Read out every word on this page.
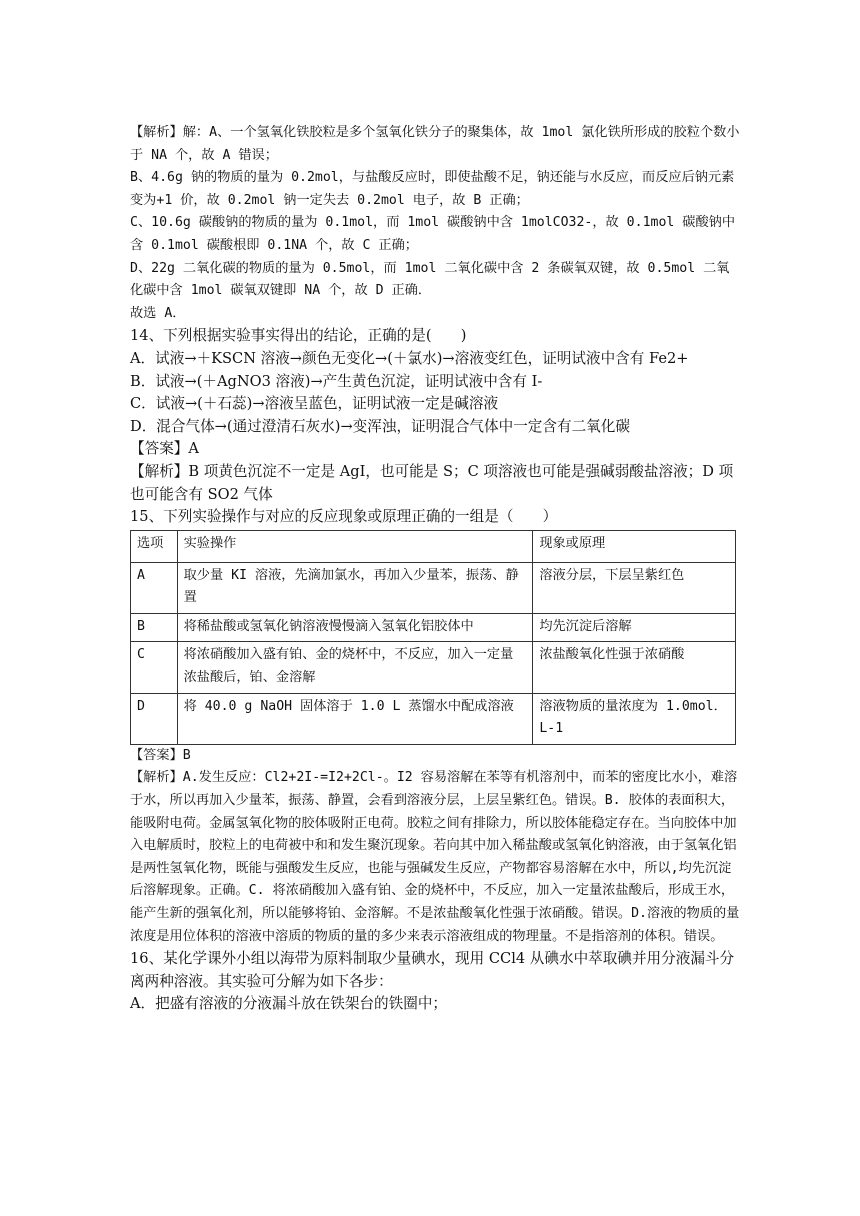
【解析】解：A、一个氢氧化铁胶粒是多个氢氧化铁分子的聚集体，故 1mol 氯化铁所形成的胶粒个数小于 NA 个，故 A 错误；

B、4.6g 钠的物质的量为 0.2mol，与盐酸反应时，即使盐酸不足，钠还能与水反应，而反应后钠元素变为+1 价，故 0.2mol 钠一定失去 0.2mol 电子，故 B 正确；

C、10.6g 碳酸钠的物质的量为 0.1mol，而 1mol 碳酸钠中含 1molCO32-，故 0.1mol 碳酸钠中含 0.1mol 碳酸根即 0.1NA 个，故 C 正确；

D、22g 二氧化碳的物质的量为 0.5mol，而 1mol 二氧化碳中含 2 条碳氧双键，故 0.5mol 二氧化碳中含 1mol 碳氧双键即 NA 个，故 D 正确．

故选 A．

14、下列根据实验事实得出的结论，正确的是(　　)

A．试液→＋KSCN 溶液→颜色无变化→(＋氯水)→溶液变红色，证明试液中含有 Fe2+

B．试液→(＋AgNO3 溶液)→产生黄色沉淀，证明试液中含有 I-

C．试液→(＋石蕊)→溶液呈蓝色，证明试液一定是碱溶液

D．混合气体→(通过澄清石灰水)→变浑浊，证明混合气体中一定含有二氧化碳

【答案】A

【解析】B 项黄色沉淀不一定是 AgI，也可能是 S；C 项溶液也可能是强碱弱酸盐溶液；D 项也可能含有 SO2 气体

15、下列实验操作与对应的反应现象或原理正确的一组是（　　）

选项	实验操作	现象或原理
A	取少量 KI 溶液，先滴加氯水，再加入少量苯，振荡、静置	溶液分层，下层呈紫红色
B	将稀盐酸或氢氧化钠溶液慢慢滴入氢氧化铝胶体中	均先沉淀后溶解
C	将浓硝酸加入盛有铂、金的烧杯中，不反应，加入一定量浓盐酸后，铂、金溶解	浓盐酸氧化性强于浓硝酸
D	将 40.0 g NaOH 固体溶于 1.0 L 蒸馏水中配成溶液	溶液物质的量浓度为 1.0mol．L-1

【答案】B

【解析】A.发生反应：Cl2+2I-=I2+2Cl-。I2 容易溶解在苯等有机溶剂中，而苯的密度比水小，难溶于水，所以再加入少量苯，振荡、静置，会看到溶液分层，上层呈紫红色。错误。B. 胶体的表面积大，能吸附电荷。金属氢氧化物的胶体吸附正电荷。胶粒之间有排除力，所以胶体能稳定存在。当向胶体中加入电解质时，胶粒上的电荷被中和和发生聚沉现象。若向其中加入稀盐酸或氢氧化钠溶液，由于氢氧化铝是两性氢氧化物，既能与强酸发生反应，也能与强碱发生反应，产物都容易溶解在水中，所以,均先沉淀后溶解现象。正确。C. 将浓硝酸加入盛有铂、金的烧杯中，不反应，加入一定量浓盐酸后，形成王水，能产生新的强氧化剂，所以能够将铂、金溶解。不是浓盐酸氧化性强于浓硝酸。错误。D.溶液的物质的量浓度是用位体积的溶液中溶质的物质的量的多少来表示溶液组成的物理量。不是指溶剂的体积。错误。

16、某化学课外小组以海带为原料制取少量碘水，现用 CCl4 从碘水中萃取碘并用分液漏斗分离两种溶液。其实验可分解为如下各步：

A．把盛有溶液的分液漏斗放在铁架台的铁圈中；
